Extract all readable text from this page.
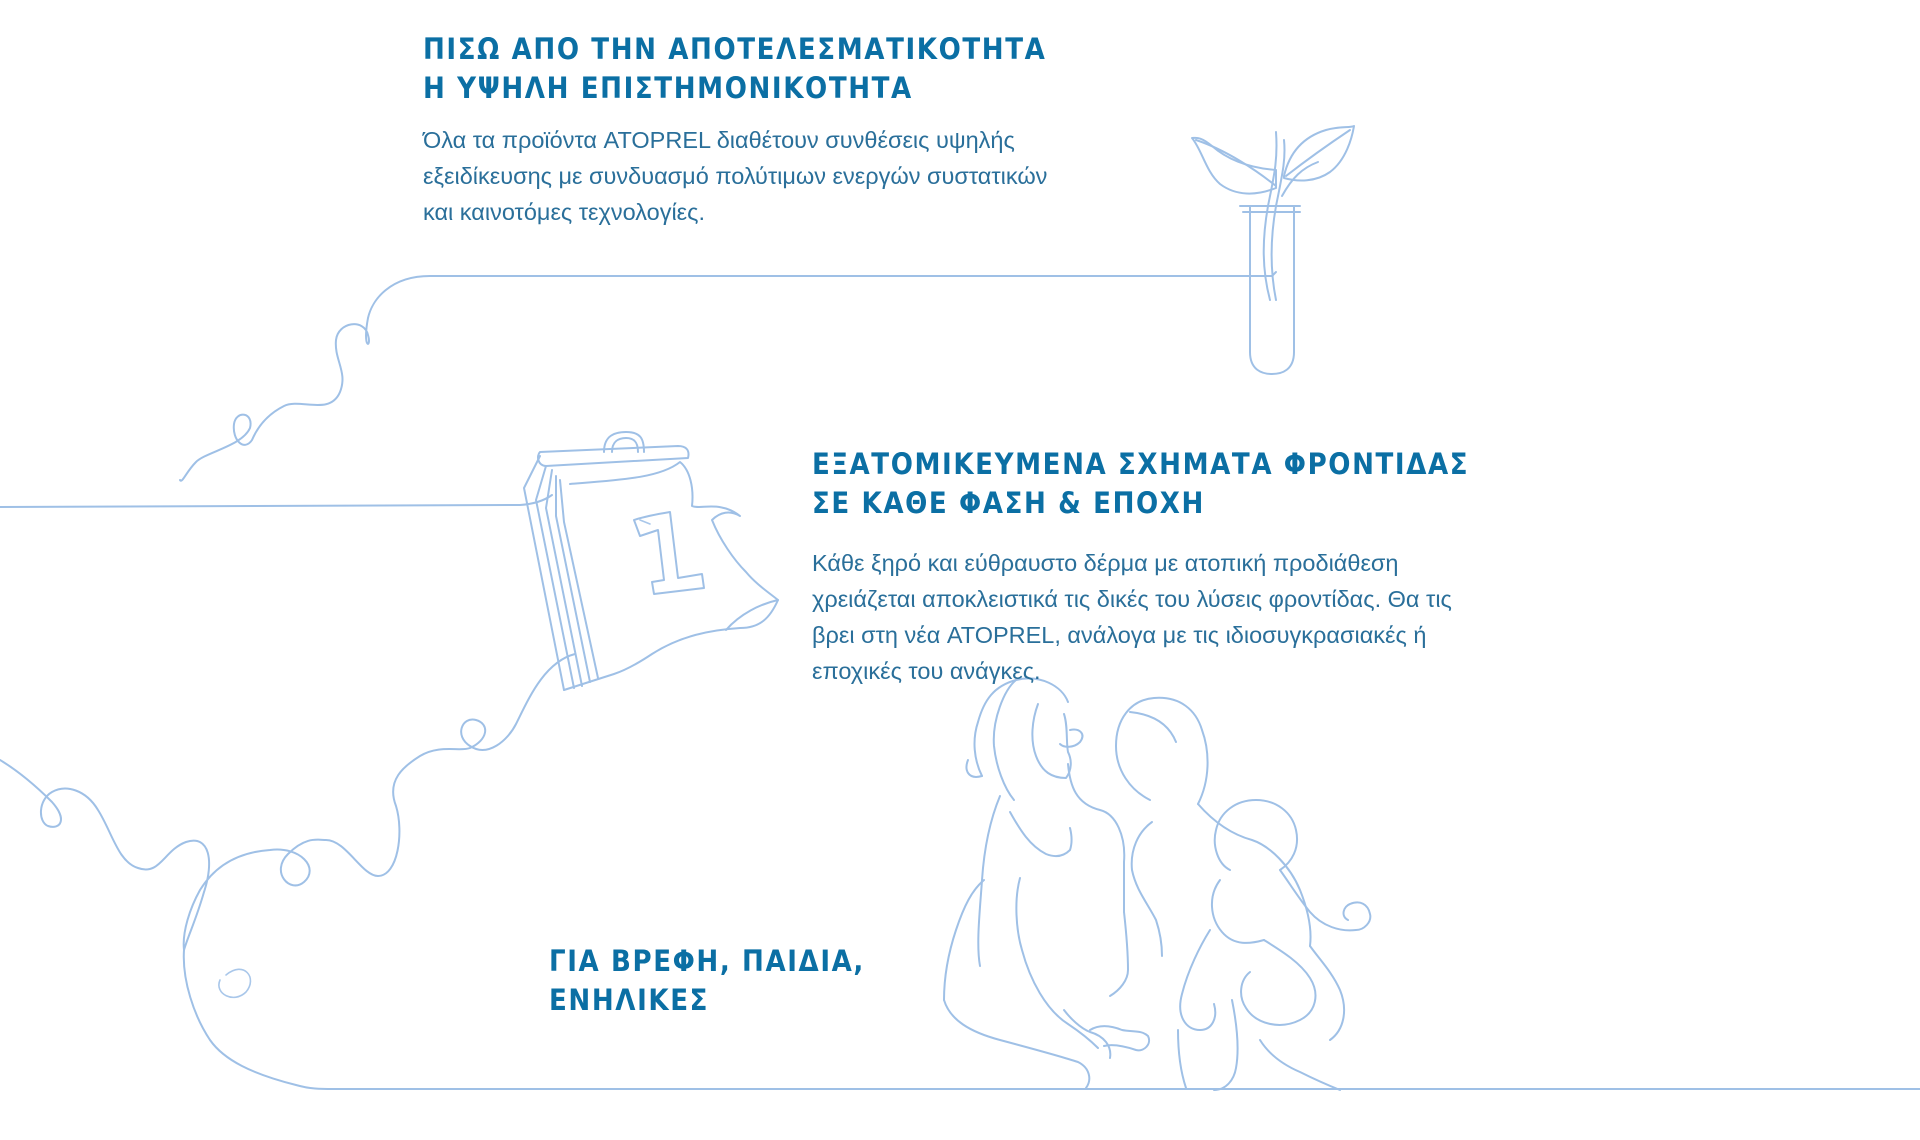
ΠΙΣΩ ΑΠΟ ΤΗΝ ΑΠΟΤΕΛΕΣΜΑΤΙΚΟΤΗΤΑ
Η ΥΨΗΛΗ ΕΠΙΣΤΗΜΟΝΙΚΟΤΗΤΑ

Όλα τα προϊόντα ATOPREL διαθέτουν συνθέσεις υψηλής
εξειδίκευσης με συνδυασμό πολύτιμων ενεργών συστατικών
και καινοτόμες τεχνολογίες.

ΕΞΑΤΟΜΙΚΕΥΜΕΝΑ ΣΧΗΜΑΤΑ ΦΡΟΝΤΙΔΑΣ
ΣΕ ΚΑΘΕ ΦΑΣΗ & ΕΠΟΧΗ

Κάθε ξηρό και εύθραυστο δέρμα με ατοπική προδιάθεση
χρειάζεται αποκλειστικά τις δικές του λύσεις φροντίδας. Θα τις
βρει στη νέα ATOPREL, ανάλογα με τις ιδιοσυγκρασιακές ή
εποχικές του ανάγκες.

ΓΙΑ ΒΡΕΦΗ, ΠΑΙΔΙΑ,
ΕΝΗΛΙΚΕΣ
